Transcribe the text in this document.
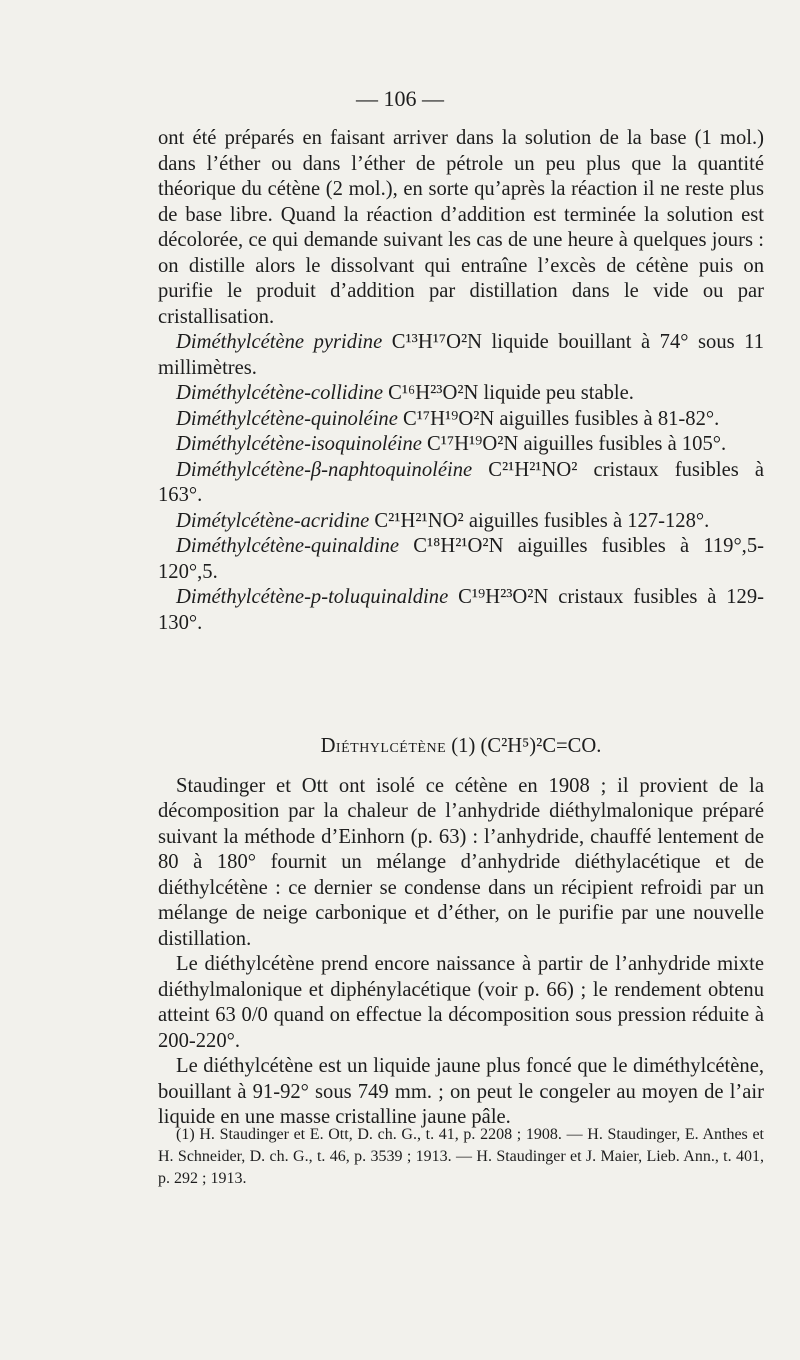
— 106 —

ont été préparés en faisant arriver dans la solution de la base (1 mol.) dans l’éther ou dans l’éther de pétrole un peu plus que la quantité théorique du cétène (2 mol.), en sorte qu’après la réaction il ne reste plus de base libre. Quand la réaction d’addition est terminée la solution est décolorée, ce qui demande suivant les cas de une heure à quelques jours : on distille alors le dissolvant qui entraîne l’excès de cétène puis on purifie le produit d’addition par distillation dans le vide ou par cristallisation.

Diméthylcétène pyridine C¹³H¹⁷O²N liquide bouillant à 74° sous 11 millimètres.

Diméthylcétène-collidine C¹⁶H²³O²N liquide peu stable.

Diméthylcétène-quinoléine C¹⁷H¹⁹O²N aiguilles fusibles à 81-82°.

Diméthylcétène-isoquinoléine C¹⁷H¹⁹O²N aiguilles fusibles à 105°.

Diméthylcétène-β-naphtoquinoléine C²¹H²¹NO² cristaux fusibles à 163°.

Dimétylcétène-acridine C²¹H²¹NO² aiguilles fusibles à 127-128°.

Diméthylcétène-quinaldine C¹⁸H²¹O²N aiguilles fusibles à 119°,5-120°,5.

Diméthylcétène-p-toluquinaldine C¹⁹H²³O²N cristaux fusibles à 129-130°.

Diéthylcétène (1) (C²H⁵)²C=CO.

Staudinger et Ott ont isolé ce cétène en 1908 ; il provient de la décomposition par la chaleur de l’anhydride diéthylmalonique préparé suivant la méthode d’Einhorn (p. 63) : l’anhydride, chauffé lentement de 80 à 180° fournit un mélange d’anhydride diéthylacétique et de diéthylcétène : ce dernier se condense dans un récipient refroidi par un mélange de neige carbonique et d’éther, on le purifie par une nouvelle distillation.

Le diéthylcétène prend encore naissance à partir de l’anhydride mixte diéthylmalonique et diphénylacétique (voir p. 66) ; le rendement obtenu atteint 63 0/0 quand on effectue la décomposition sous pression réduite à 200-220°.

Le diéthylcétène est un liquide jaune plus foncé que le diméthylcétène, bouillant à 91-92° sous 749 mm. ; on peut le congeler au moyen de l’air liquide en une masse cristalline jaune pâle.

(1) H. Staudinger et E. Ott, D. ch. G., t. 41, p. 2208 ; 1908. — H. Staudinger, E. Anthes et H. Schneider, D. ch. G., t. 46, p. 3539 ; 1913. — H. Staudinger et J. Maier, Lieb. Ann., t. 401, p. 292 ; 1913.
